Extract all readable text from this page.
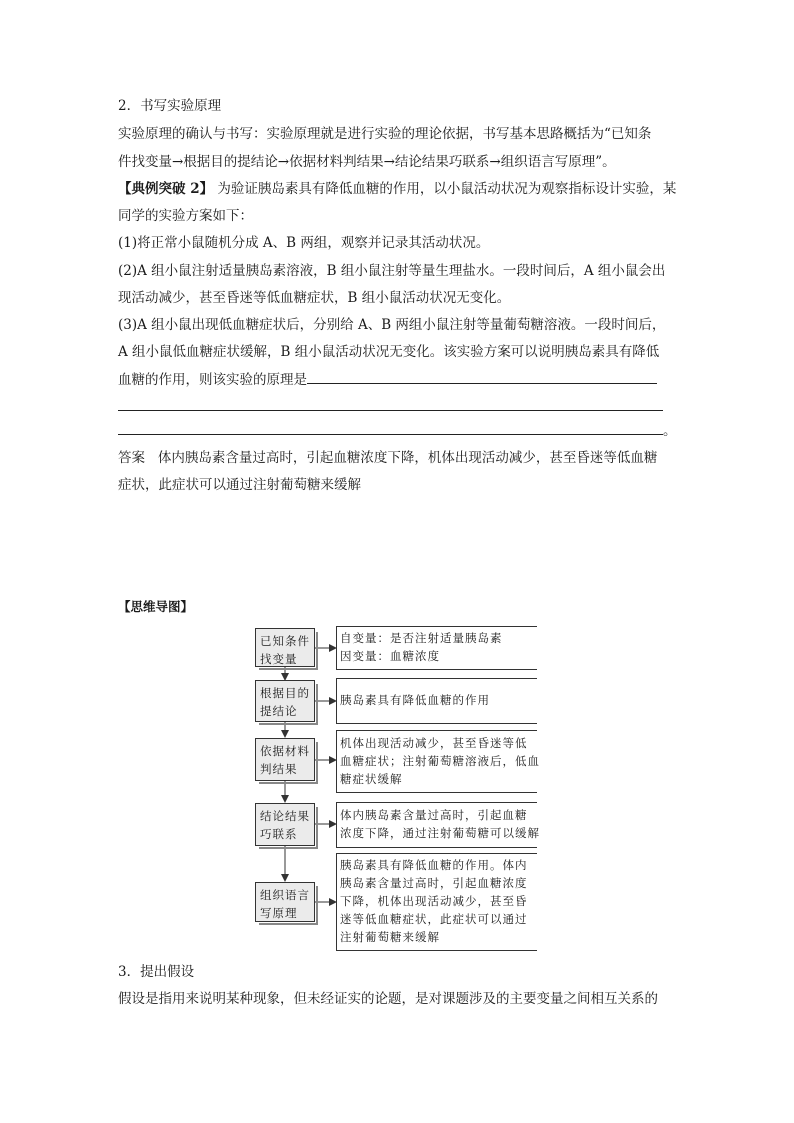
2．书写实验原理
实验原理的确认与书写：实验原理就是进行实验的理论依据，书写基本思路概括为“已知条
件找变量→根据目的提结论→依据材料判结果→结论结果巧联系→组织语言写原理”。
【典例突破 2】 为验证胰岛素具有降低血糖的作用，以小鼠活动状况为观察指标设计实验，某
同学的实验方案如下：
(1)将正常小鼠随机分成 A、B 两组，观察并记录其活动状况。
(2)A 组小鼠注射适量胰岛素溶液，B 组小鼠注射等量生理盐水。一段时间后，A 组小鼠会出
现活动减少，甚至昏迷等低血糖症状，B 组小鼠活动状况无变化。
(3)A 组小鼠出现低血糖症状后，分别给 A、B 两组小鼠注射等量葡萄糖溶液。一段时间后，
A 组小鼠低血糖症状缓解，B 组小鼠活动状况无变化。该实验方案可以说明胰岛素具有降低
血糖的作用，则该实验的原理是
。
答案 体内胰岛素含量过高时，引起血糖浓度下降，机体出现活动减少，甚至昏迷等低血糖
症状，此症状可以通过注射葡萄糖来缓解
【思维导图】
已知条件
找变量
根据目的
提结论
依据材料
判结果
结论结果
巧联系
组织语言
写原理
自变量：是否注射适量胰岛素
因变量：血糖浓度
胰岛素具有降低血糖的作用
机体出现活动减少，甚至昏迷等低
血糖症状；注射葡萄糖溶液后，低血
糖症状缓解
体内胰岛素含量过高时，引起血糖
浓度下降，通过注射葡萄糖可以缓解
胰岛素具有降低血糖的作用。体内
胰岛素含量过高时，引起血糖浓度
下降，机体出现活动减少，甚至昏
迷等低血糖症状，此症状可以通过
注射葡萄糖来缓解
3．提出假设
假设是指用来说明某种现象，但未经证实的论题，是对课题涉及的主要变量之间相互关系的
